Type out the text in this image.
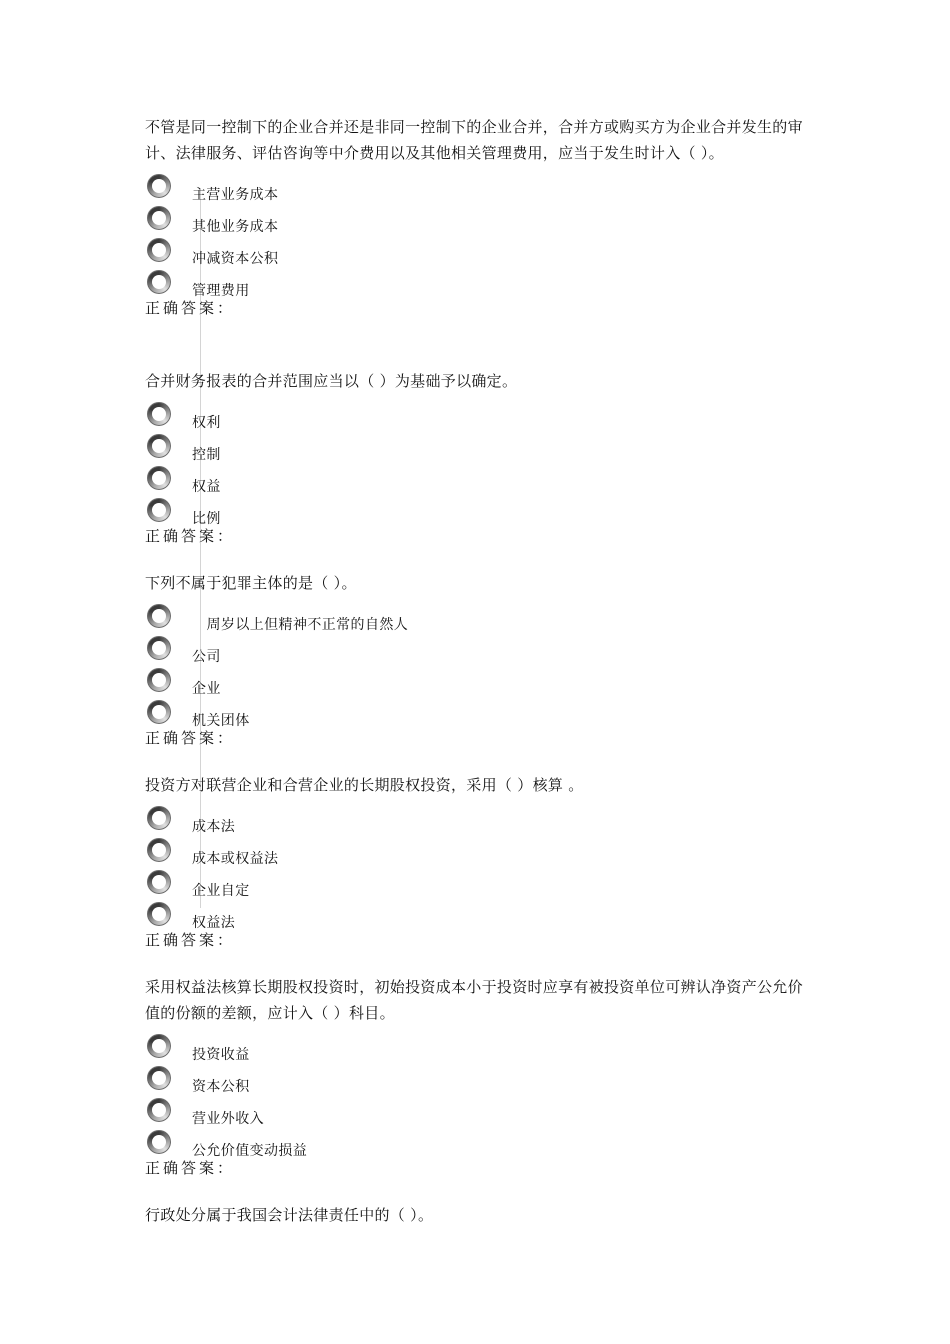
不管是同一控制下的企业合并还是非同一控制下的企业合并，合并方或购买方为企业合并发生的审计、法律服务、评估咨询等中介费用以及其他相关管理费用，应当于发生时计入（ ）。

主营业务成本
其他业务成本
冲减资本公积
管理费用

正确答案：

合并财务报表的合并范围应当以（ ）为基础予以确定。

权利
控制
权益
比例

正确答案：

下列不属于犯罪主体的是（ ）。

周岁以上但精神不正常的自然人
公司
企业
机关团体

正确答案：

投资方对联营企业和合营企业的长期股权投资，采用（ ）核算 。

成本法
成本或权益法
企业自定
权益法

正确答案：

采用权益法核算长期股权投资时，初始投资成本小于投资时应享有被投资单位可辨认净资产公允价值的份额的差额，应计入（ ）科目。

投资收益
资本公积
营业外收入
公允价值变动损益

正确答案：

行政处分属于我国会计法律责任中的（ ）。
